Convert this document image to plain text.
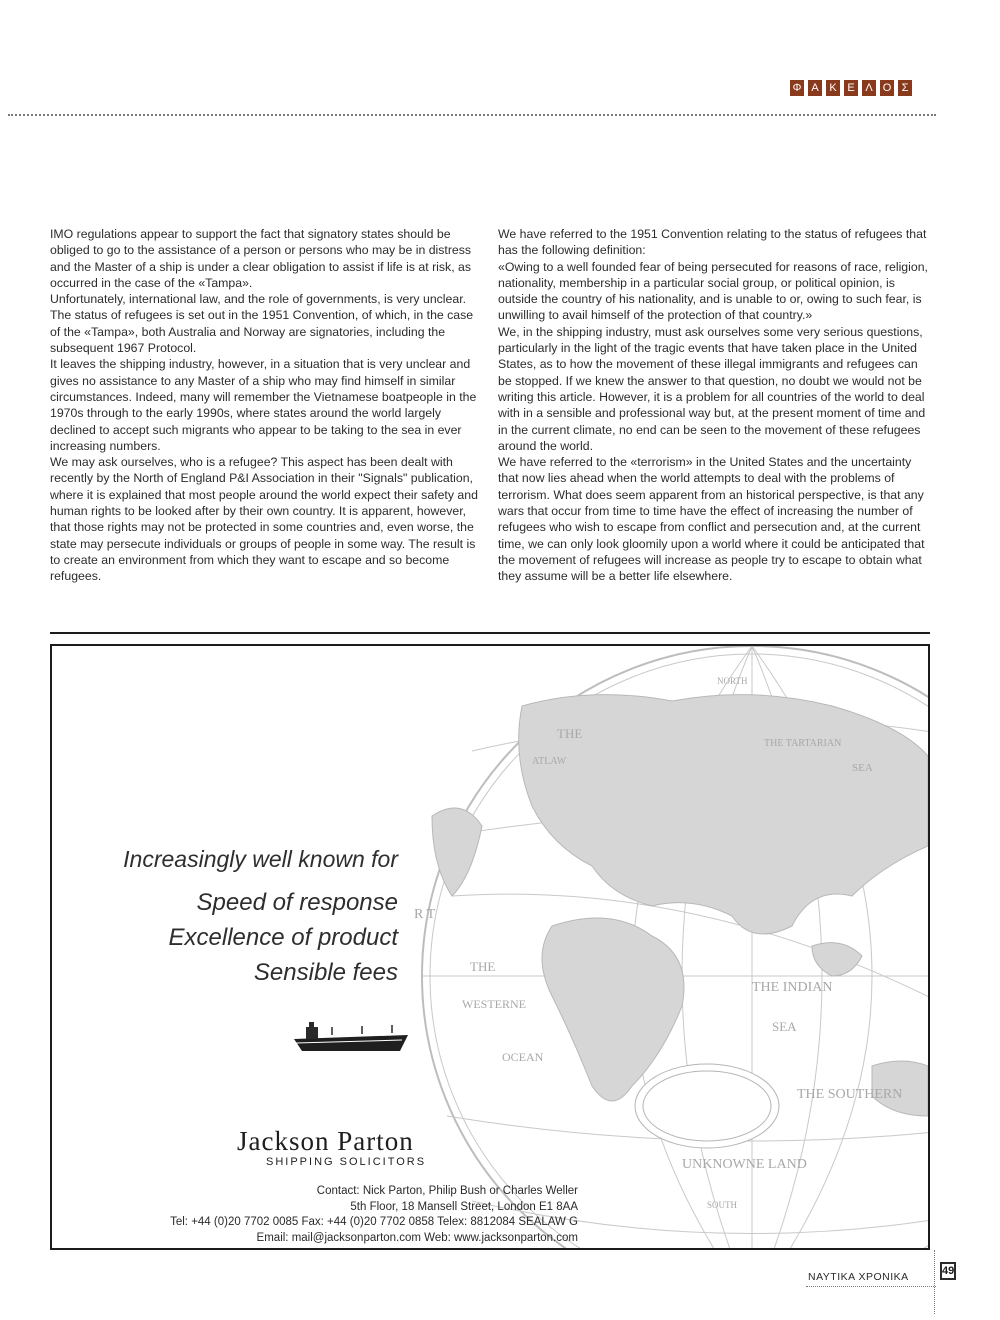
Φ Α Κ Ε Λ Ο Σ

IMO regulations appear to support the fact that signatory states should be obliged to go to the assistance of a person or persons who may be in distress and the Master of a ship is under a clear obligation to assist if life is at risk, as occurred in the case of the «Tampa».

Unfortunately, international law, and the role of governments, is very unclear. The status of refugees is set out in the 1951 Convention, of which, in the case of the «Tampa», both Australia and Norway are signatories, including the subsequent 1967 Protocol.

It leaves the shipping industry, however, in a situation that is very unclear and gives no assistance to any Master of a ship who may find himself in similar circumstances. Indeed, many will remember the Vietnamese boatpeople in the 1970s through to the early 1990s, where states around the world largely declined to accept such migrants who appear to be taking to the sea in ever increasing numbers.

We may ask ourselves, who is a refugee? This aspect has been dealt with recently by the North of England P&I Association in their "Signals" publication, where it is explained that most people around the world expect their safety and human rights to be looked after by their own country. It is apparent, however, that those rights may not be protected in some countries and, even worse, the state may persecute individuals or groups of people in some way. The result is to create an environment from which they want to escape and so become refugees.

We have referred to the 1951 Convention relating to the status of refugees that has the following definition:

«Owing to a well founded fear of being persecuted for reasons of race, religion, nationality, membership in a particular social group, or political opinion, is outside the country of his nationality, and is unable to or, owing to such fear, is unwilling to avail himself of the protection of that country.»

We, in the shipping industry, must ask ourselves some very serious questions, particularly in the light of the tragic events that have taken place in the United States, as to how the movement of these illegal immigrants and refugees can be stopped. If we knew the answer to that question, no doubt we would not be writing this article. However, it is a problem for all countries of the world to deal with in a sensible and professional way but, at the present moment of time and in the current climate, no end can be seen to the movement of these refugees around the world.

We have referred to the «terrorism» in the United States and the uncertainty that now lies ahead when the world attempts to deal with the problems of terrorism. What does seem apparent from an historical perspective, is that any wars that occur from time to time have the effect of increasing the number of refugees who wish to escape from conflict and persecution and, at the current time, we can only look gloomily upon a world where it could be anticipated that the movement of refugees will increase as people try to escape to obtain what they assume will be a better life elsewhere.

NORTH
THE
ATLAW
THE TARTARIAN
SEA
THE
WESTERNE
OCEAN
THE INDIAN
SEA
THE SOUTHERN
UNKNOWNE LAND
SOUTH
R T
Increasingly well known for
Speed of response
Excellence of product
Sensible fees
Jackson Parton
SHIPPING SOLICITORS
Contact: Nick Parton, Philip Bush or Charles Weller
5th Floor, 18 Mansell Street, London E1 8AA
Tel: +44 (0)20 7702 0085 Fax: +44 (0)20 7702 0858 Telex: 8812084 SEALAW G
Email: mail@jacksonparton.com Web: www.jacksonparton.com
ΝΑΥΤΙΚΑ ΧΡΟΝΙΚΑ	49
